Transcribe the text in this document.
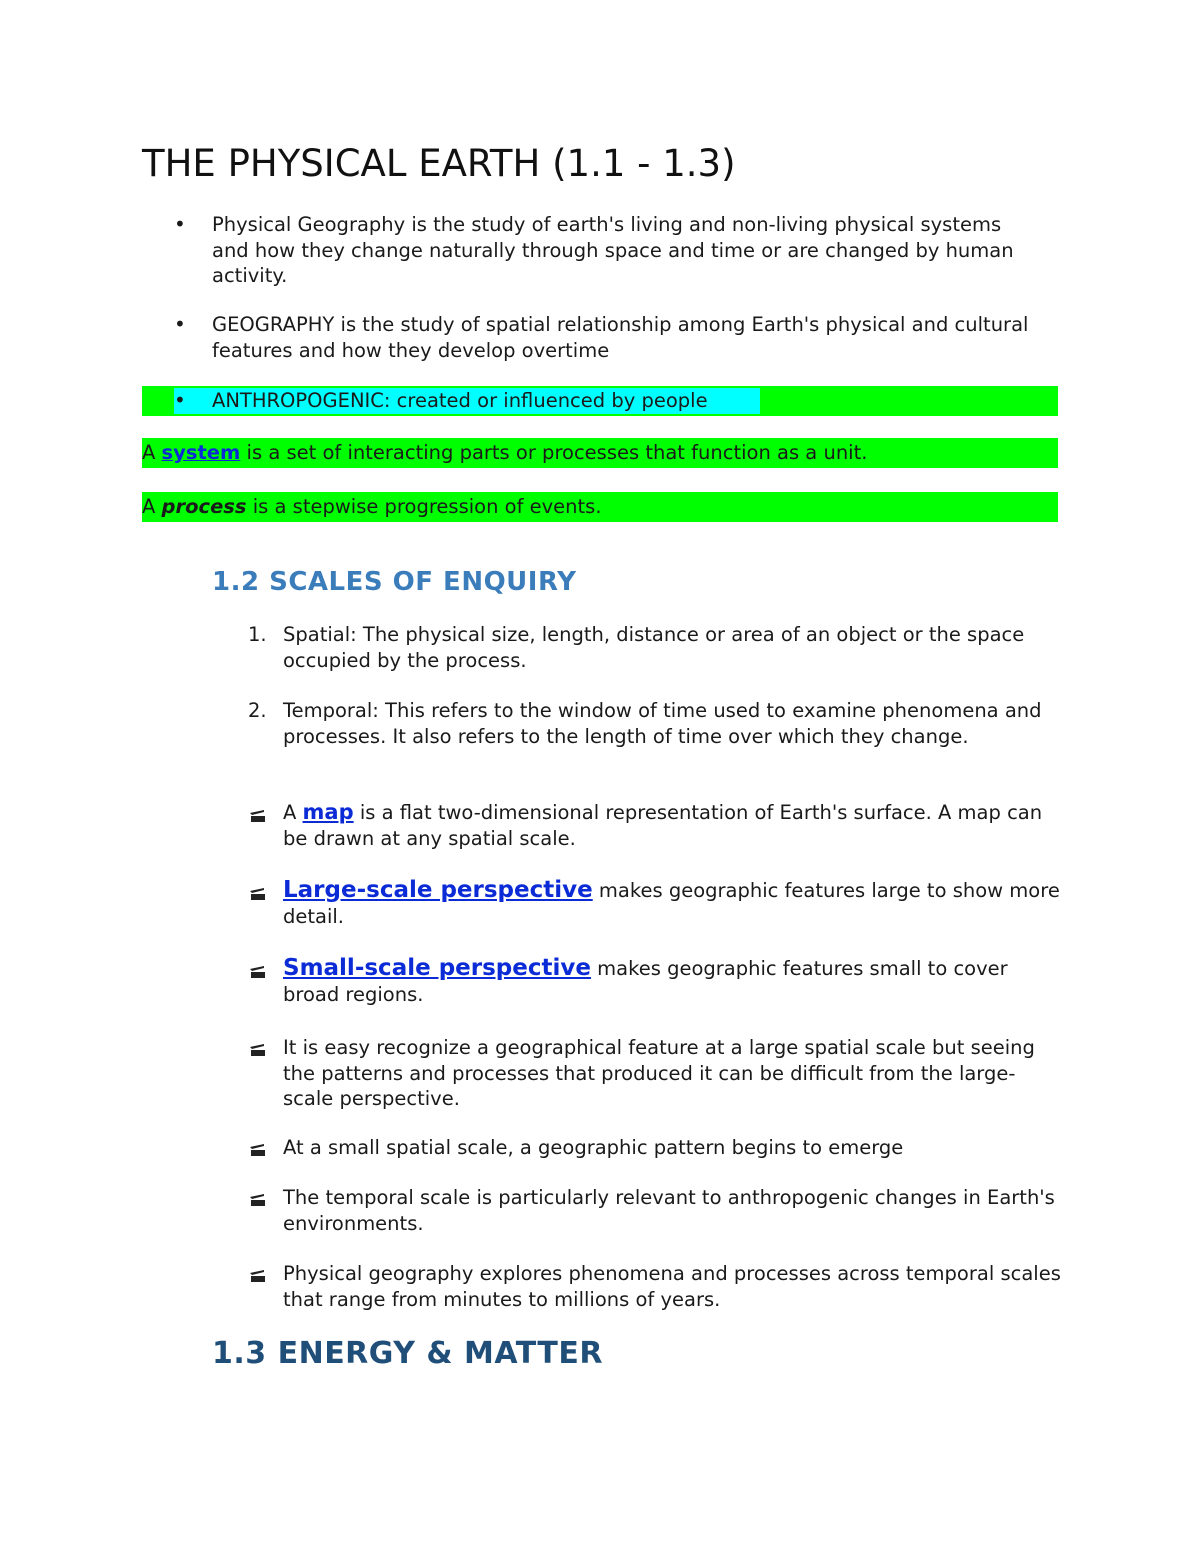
THE PHYSICAL EARTH (1.1 - 1.3)
• Physical Geography is the study of earth's living and non-living physical systems and how they change naturally through space and time or are changed by human activity.
• GEOGRAPHY is the study of spatial relationship among Earth's physical and cultural features and how they develop overtime
• ANTHROPOGENIC: created or influenced by people
A system is a set of interacting parts or processes that function as a unit.
A process is a stepwise progression of events.
1.2 SCALES OF ENQUIRY
1. Spatial: The physical size, length, distance or area of an object or the space occupied by the process.
2. Temporal: This refers to the window of time used to examine phenomena and processes. It also refers to the length of time over which they change.
A map is a flat two-dimensional representation of Earth's surface. A map can be drawn at any spatial scale.
Large-scale perspective makes geographic features large to show more detail.
Small-scale perspective makes geographic features small to cover broad regions.
It is easy recognize a geographical feature at a large spatial scale but seeing the patterns and processes that produced it can be difficult from the large-scale perspective.
At a small spatial scale, a geographic pattern begins to emerge
The temporal scale is particularly relevant to anthropogenic changes in Earth's environments.
Physical geography explores phenomena and processes across temporal scales that range from minutes to millions of years.
1.3 ENERGY & MATTER
